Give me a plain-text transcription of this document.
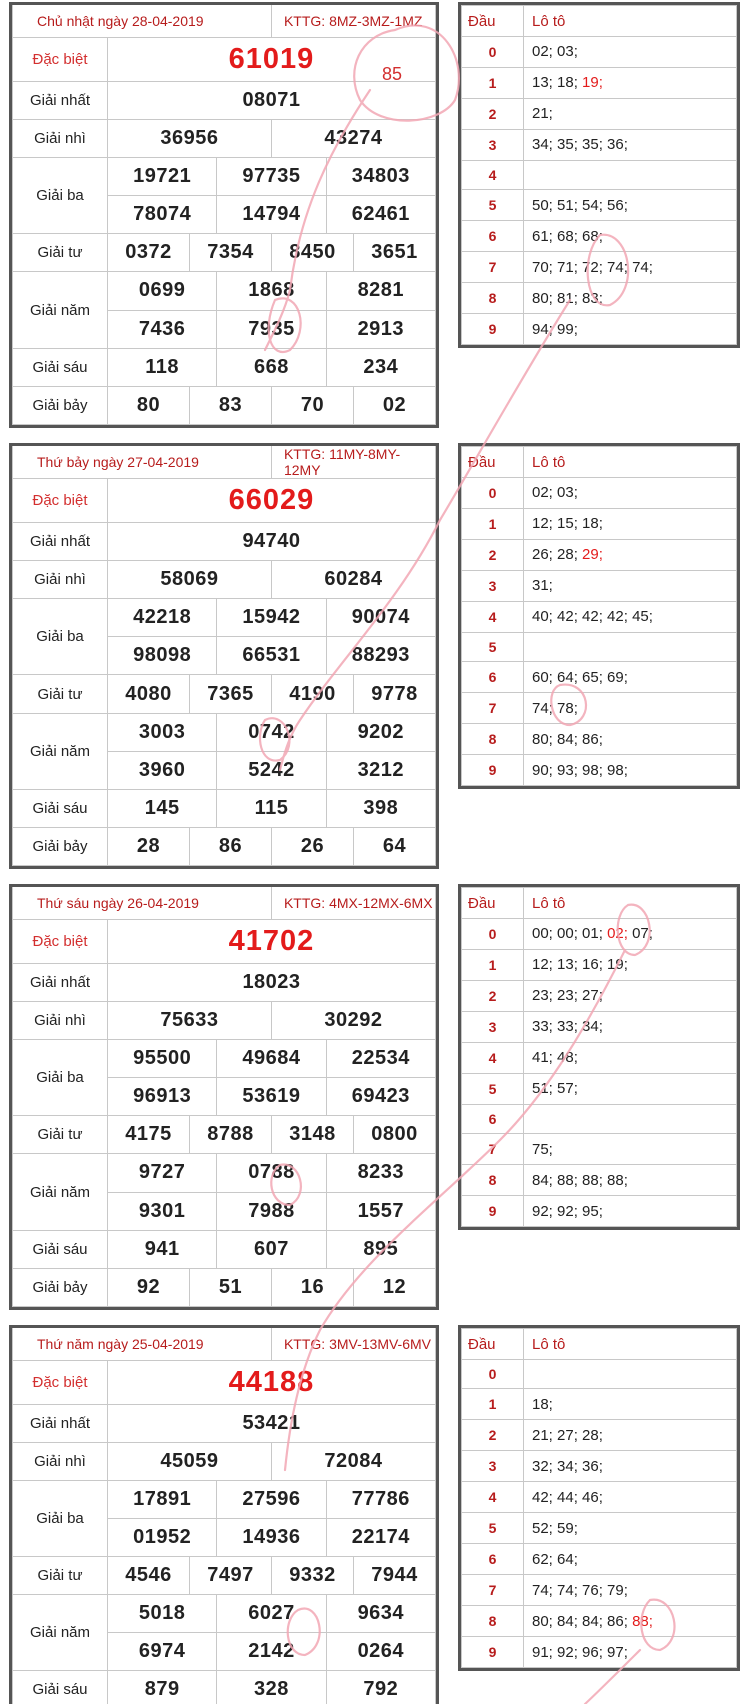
Chủ nhật ngày 28-04-2019				KTTG: 8MZ-3MZ-1MZ		
Đặc biệt	61019					
Giải nhất	08071					
Giải nhì	36956			43274		
Giải ba	19721		97735		34803	
	78074		14794		62461	
Giải tư	0372	7354		8450		3651
Giải năm	0699		1868		8281	
	7436		7935		2913	
Giải sáu	118		668		234	
Giải bảy	80	83		70		02
Đầu	Lô tô
0	02; 03;
1	13; 18; 19;
2	21;
3	34; 35; 35; 36;
4	
5	50; 51; 54; 56;
6	61; 68; 68;
7	70; 71; 72; 74; 74;
8	80; 81; 83;
9	94; 99;
Thứ bảy ngày 27-04-2019				KTTG: 11MY-8MY-12MY		
Đặc biệt	66029					
Giải nhất	94740					
Giải nhì	58069			60284		
Giải ba	42218		15942		90074	
	98098		66531		88293	
Giải tư	4080	7365		4190		9778
Giải năm	3003		0742		9202	
	3960		5242		3212	
Giải sáu	145		115		398	
Giải bảy	28	86		26		64
Đầu	Lô tô
0	02; 03;
1	12; 15; 18;
2	26; 28; 29;
3	31;
4	40; 42; 42; 42; 45;
5	
6	60; 64; 65; 69;
7	74; 78;
8	80; 84; 86;
9	90; 93; 98; 98;
Thứ sáu ngày 26-04-2019				KTTG: 4MX-12MX-6MX		
Đặc biệt	41702					
Giải nhất	18023					
Giải nhì	75633			30292		
Giải ba	95500		49684		22534	
	96913		53619		69423	
Giải tư	4175	8788		3148		0800
Giải năm	9727		0788		8233	
	9301		7988		1557	
Giải sáu	941		607		895	
Giải bảy	92	51		16		12
Đầu	Lô tô
0	00; 00; 01; 02; 07;
1	12; 13; 16; 19;
2	23; 23; 27;
3	33; 33; 34;
4	41; 48;
5	51; 57;
6	
7	75;
8	84; 88; 88; 88;
9	92; 92; 95;
Thứ năm ngày 25-04-2019				KTTG: 3MV-13MV-6MV		
Đặc biệt	44188					
Giải nhất	53421					
Giải nhì	45059			72084		
Giải ba	17891		27596		77786	
	01952		14936		22174	
Giải tư	4546	7497		9332		7944
Giải năm	5018		6027		9634	
	6974		2142		0264	
Giải sáu	879		328		792	
Đầu	Lô tô
0	
1	18;
2	21; 27; 28;
3	32; 34; 36;
4	42; 44; 46;
5	52; 59;
6	62; 64;
7	74; 74; 76; 79;
8	80; 84; 84; 86; 88;
9	91; 92; 96; 97;
85
